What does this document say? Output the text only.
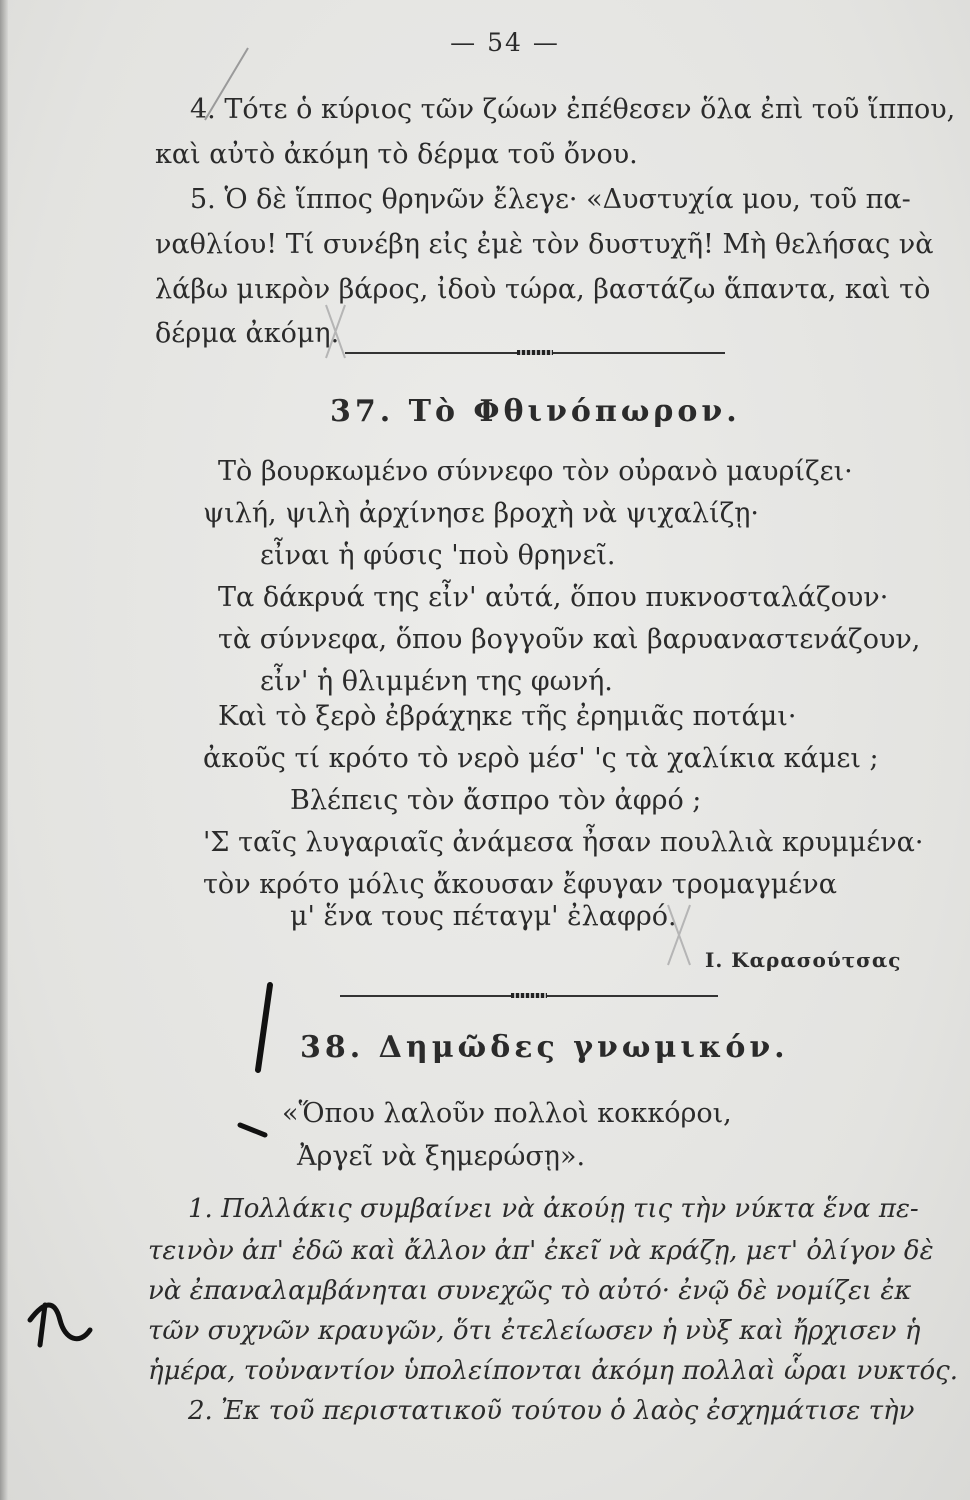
— 54 —
4. Τότε ὁ κύριος τῶν ζώων ἐπέθεσεν ὅλα ἐπὶ τοῦ ἵππου,
καὶ αὐτὸ ἀκόμη τὸ δέρμα τοῦ ὄνου.
5. Ὁ δὲ ἵππος θρηνῶν ἔλεγε· «Δυστυχία μου, τοῦ πα-
ναθλίου! Τί συνέβη εἰς ἐμὲ τὸν δυστυχῆ! Μὴ θελήσας νὰ
λάβω μικρὸν βάρος, ἰδοὺ τώρα, βαστάζω ἅπαντα, καὶ τὸ
δέρμα ἀκόμη.
37. Τὸ Φθινόπωρον.
Τὸ βουρκωμένο σύννεφο τὸν οὐρανὸ μαυρίζει·
ψιλή, ψιλὴ ἀρχίνησε βροχὴ νὰ ψιχαλίζῃ·
εἶναι ἡ φύσις 'ποὺ θρηνεῖ.
Τα δάκρυά της εἶν' αὐτά, ὅπου πυκνοσταλάζουν·
τὰ σύννεφα, ὅπου βογγοῦν καὶ βαρυαναστενάζουν,
εἶν' ἡ θλιμμένη της φωνή.
Καὶ τὸ ξερὸ ἐβράχηκε τῆς ἐρημιᾶς ποτάμι·
ἀκοῦς τί κρότο τὸ νερὸ μέσ' 'ς τὰ χαλίκια κάμει ;
Βλέπεις τὸν ἄσπρο τὸν ἀφρό ;
'Σ ταῖς λυγαριαῖς ἀνάμεσα ἦσαν πουλλιὰ κρυμμένα·
τὸν κρότο μόλις ἄκουσαν ἔφυγαν τρομαγμένα
μ' ἕνα τους πέταγμ' ἐλαφρό.
Ι. Καρασούτσας
38. Δημῶδες γνωμικόν.
«Ὅπου λαλοῦν πολλοὶ κοκκόροι,
Ἀργεῖ νὰ ξημερώσῃ».
1. Πολλάκις συμβαίνει νὰ ἀκούῃ τις τὴν νύκτα ἕνα πε-
τεινὸν ἀπ' ἐδῶ καὶ ἄλλον ἀπ' ἐκεῖ νὰ κράζῃ, μετ' ὀλίγον δὲ
νὰ ἐπαναλαμβάνηται συνεχῶς τὸ αὐτό· ἐνῷ δὲ νομίζει ἐκ
τῶν συχνῶν κραυγῶν, ὅτι ἐτελείωσεν ἡ νὺξ καὶ ἤρχισεν ἡ
ἡμέρα, τοὐναντίον ὑπολείπονται ἀκόμη πολλαὶ ὧραι νυκτός.
2. Ἐκ τοῦ περιστατικοῦ τούτου ὁ λαὸς ἐσχημάτισε τὴν
